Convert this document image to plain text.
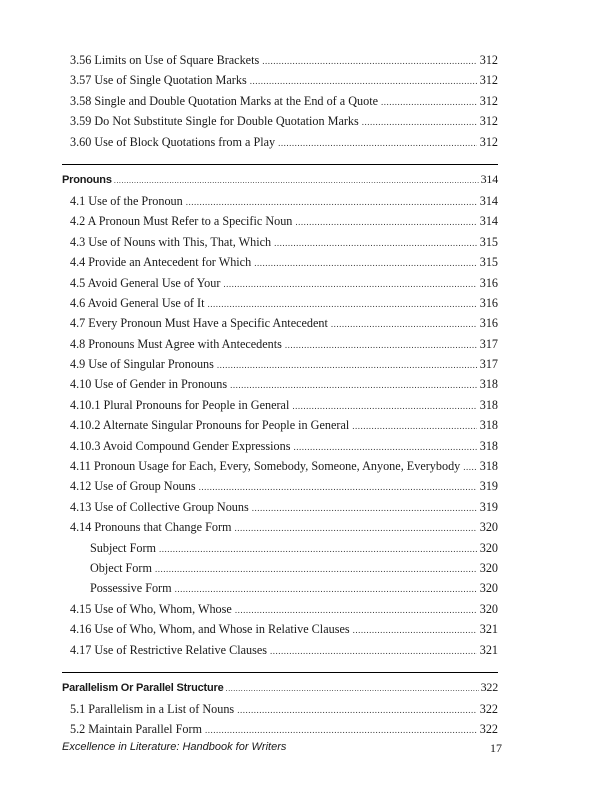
3.56 Limits on Use of Square Brackets .....	312
3.57 Use of Single Quotation Marks .....	312
3.58 Single and Double Quotation Marks at the End of a Quote .....	312
3.59 Do Not Substitute Single for Double Quotation Marks .....	312
3.60 Use of Block Quotations from a Play .....	312
Pronouns .....	314
4.1 Use of the Pronoun .....	314
4.2 A Pronoun Must Refer to a Specific Noun .....	314
4.3 Use of Nouns with This, That, Which .....	315
4.4 Provide an Antecedent for Which .....	315
4.5 Avoid General Use of Your .....	316
4.6 Avoid General Use of It .....	316
4.7 Every Pronoun Must Have a Specific Antecedent .....	316
4.8 Pronouns Must Agree with Antecedents .....	317
4.9 Use of Singular Pronouns .....	317
4.10 Use of Gender in Pronouns .....	318
4.10.1 Plural Pronouns for People in General .....	318
4.10.2 Alternate Singular Pronouns for People in General .....	318
4.10.3 Avoid Compound Gender Expressions .....	318
4.11 Pronoun Usage for Each, Every, Somebody, Someone, Anyone, Everybody ..... 318
4.12 Use of Group Nouns .....	319
4.13 Use of Collective Group Nouns .....	319
4.14 Pronouns that Change Form .....	320
Subject Form .....	320
Object Form .....	320
Possessive Form .....	320
4.15 Use of Who, Whom, Whose .....	320
4.16 Use of Who, Whom, and Whose in Relative Clauses .....	321
4.17 Use of Restrictive Relative Clauses .....	321
Parallelism Or Parallel Structure .....	322
5.1 Parallelism in a List of Nouns .....	322
5.2 Maintain Parallel Form .....	322
Excellence in Literature: Handbook for Writers	17
